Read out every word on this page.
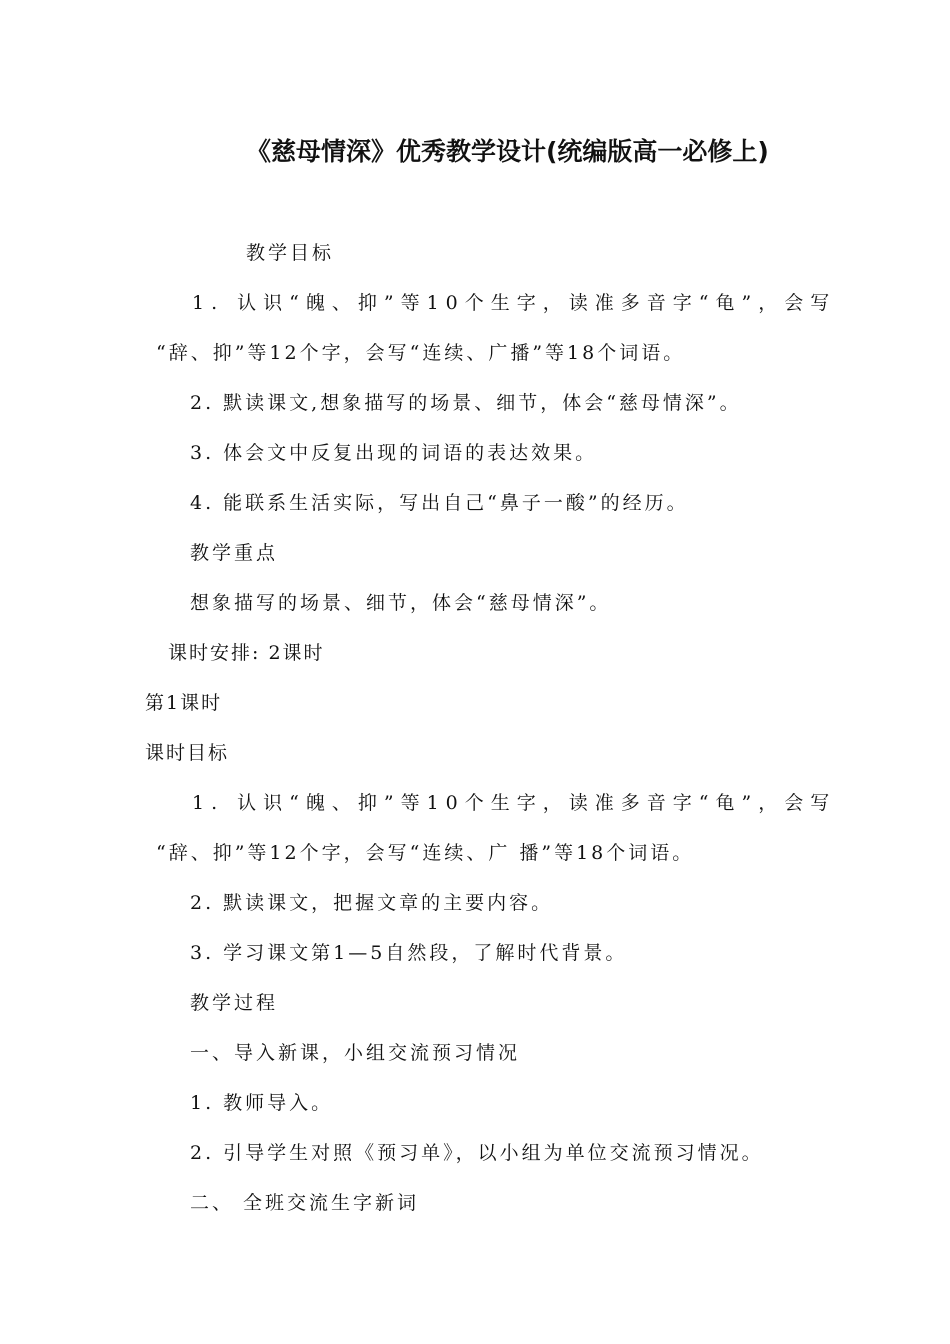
《慈母情深》优秀教学设计(统编版高一必修上)
教学目标
1. 认识“魄、抑”等10个生字，读准多音字“龟”，会写
“辞、抑”等12个字，会写“连续、广播”等18个词语。
2. 默读课文,想象描写的场景、细节，体会“慈母情深”。
3. 体会文中反复出现的词语的表达效果。
4. 能联系生活实际，写出自己“鼻子一酸”的经历。
教学重点
想象描写的场景、细节，体会“慈母情深”。
课时安排: 2课时
第1课时
课时目标
1. 认识“魄、抑”等10个生字，读准多音字“龟”，会写
“辞、抑”等12个字，会写“连续、广 播”等18个词语。
2. 默读课文，把握文章的主要内容。
3. 学习课文第1—5自然段，了解时代背景。
教学过程
一、导入新课，小组交流预习情况
1. 教师导入。
2. 引导学生对照《预习单》，以小组为单位交流预习情况。
二、 全班交流生字新词
